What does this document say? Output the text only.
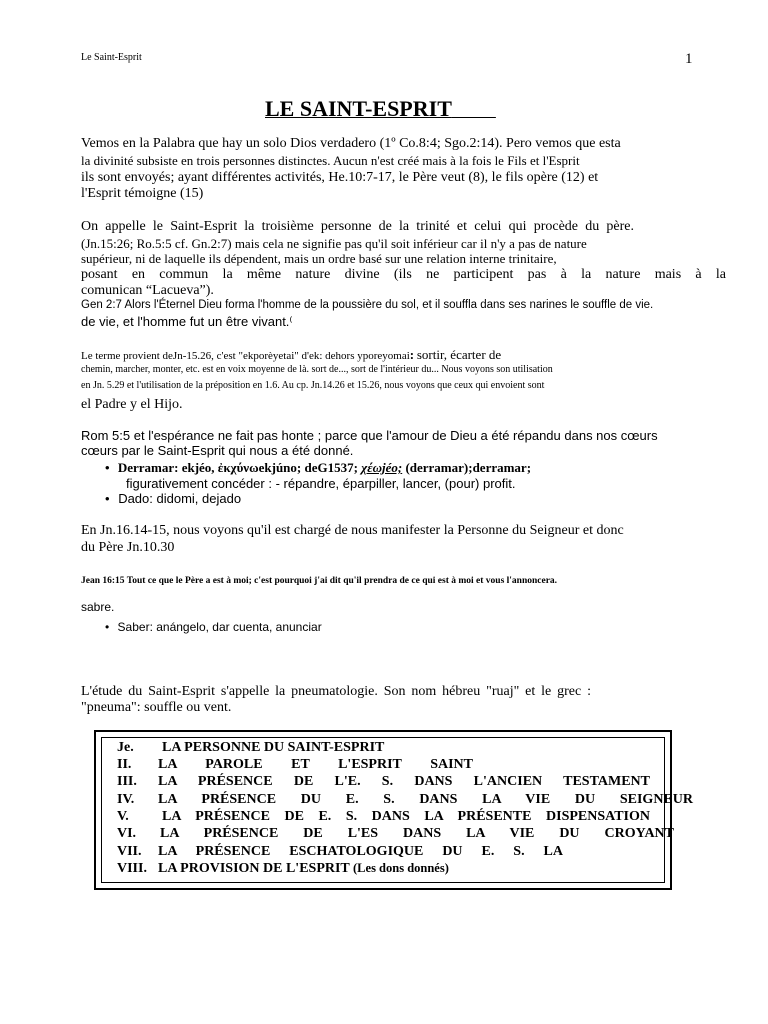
Le Saint-Esprit	1
LE SAINT-ESPRIT
Vemos en la Palabra que hay un solo Dios verdadero (1º Co.8:4; Sgo.2:14). Pero vemos que esta
la divinité subsiste en trois personnes distinctes. Aucun n'est créé mais à la fois le Fils et l'Esprit
ils sont envoyés; ayant différentes activités, He.10:7-17, le Père veut (8), le fils opère (12) et
l'Esprit témoigne (15)
On appelle le Saint-Esprit la troisième personne de la trinité et celui qui procède du père.
(Jn.15:26; Ro.5:5 cf. Gn.2:7) mais cela ne signifie pas qu'il soit inférieur car il n'y a pas de nature
supérieur, ni de laquelle ils dépendent, mais un ordre basé sur une relation interne trinitaire,
posant en commun la même nature divine (ils ne participent pas à la nature mais à la
comunican “Lacueva”).
Gen 2:7 Alors l'Éternel Dieu forma l'homme de la poussière du sol, et il souffla dans ses narines le souffle de vie.
de vie, et l'homme fut un être vivant.⁽
Le terme provient deJn-15.26, c'est "ekporèyetai" d'ek: dehors yporeyomai: sortir, écarter de
chemin, marcher, monter, etc. est en voix moyenne de là. sort de..., sort de l'intérieur du... Nous voyons son utilisation
en Jn. 5.29 et l'utilisation de la préposition en 1.6. Au cp. Jn.14.26 et 15.26, nous voyons que ceux qui envoient sont
el Padre y el Hijo.
Rom 5:5 et l'espérance ne fait pas honte ; parce que l'amour de Dieu a été répandu dans nos cœurs
cœurs par le Saint-Esprit qui nous a été donné.
• Derramar: ekjéo, ἐκχύνωekjúno; deG1537; χέωjéo; (derramar);derramar;
figurativement concéder : - répandre, éparpiller, lancer, (pour) profit.
• Dado: didomi, dejado
En Jn.16.14-15, nous voyons qu'il est chargé de nous manifester la Personne du Seigneur et donc
du Père Jn.10.30
Jean 16:15 Tout ce que le Père a est à moi; c'est pourquoi j'ai dit qu'il prendra de ce qui est à moi et vous l'annoncera.
sabre.
• Saber: anángelo, dar cuenta, anunciar
L'étude du Saint-Esprit s'appelle la pneumatologie. Son nom hébreu "ruaj" et le grec :
"pneuma": souffle ou vent.
Je. LA PERSONNE DU SAINT-ESPRIT
II. LA PAROLE ET L'ESPRIT SAINT
III. LA PRÉSENCE DE L'E. S. DANS L'ANCIEN TESTAMENT
IV. LA PRÉSENCE DU E. S. DANS LA VIE DU SEIGNEUR
V. LA PRÉSENCE DE E. S. DANS LA PRÉSENTE DISPENSATION
VI. LA PRÉSENCE DE L'ES DANS LA VIE DU CROYANT
VII. LA PRÉSENCE ESCHATOLOGIQUE DU E. S. LA
VIII. LA PROVISION DE L'ESPRIT (Les dons donnés)
